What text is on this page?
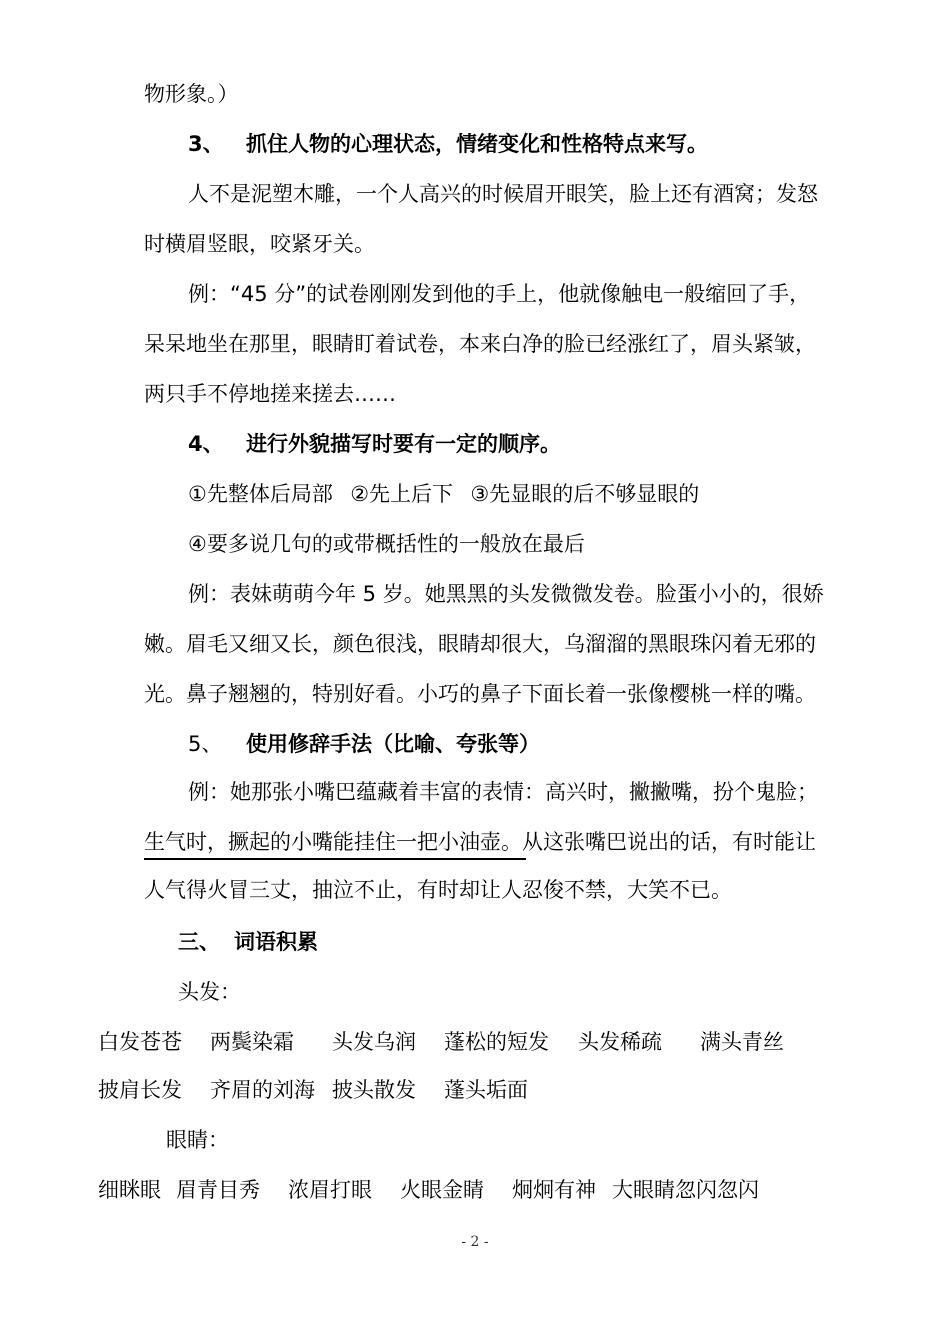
物形象。）
3、 抓住人物的心理状态，情绪变化和性格特点来写。
人不是泥塑木雕，一个人高兴的时候眉开眼笑，脸上还有酒窝；发怒
时横眉竖眼，咬紧牙关。
例：“45 分”的试卷刚刚发到他的手上，他就像触电一般缩回了手，
呆呆地坐在那里，眼睛盯着试卷，本来白净的脸已经涨红了，眉头紧皱，
两只手不停地搓来搓去……
4、 进行外貌描写时要有一定的顺序。
①先整体后局部 ②先上后下 ③先显眼的后不够显眼的
④要多说几句的或带概括性的一般放在最后
例：表妹萌萌今年 5 岁。她黑黑的头发微微发卷。脸蛋小小的，很娇
嫩。眉毛又细又长，颜色很浅，眼睛却很大，乌溜溜的黑眼珠闪着无邪的
光。鼻子翘翘的，特别好看。小巧的鼻子下面长着一张像樱桃一样的嘴。
5、 使用修辞手法（比喻、夸张等）
例：她那张小嘴巴蕴藏着丰富的表情：高兴时，撇撇嘴，扮个鬼脸；
生气时，撅起的小嘴能挂住一把小油壶。从这张嘴巴说出的话，有时能让
人气得火冒三丈，抽泣不止，有时却让人忍俊不禁，大笑不已。
三、 词语积累
头发：
白发苍苍 两鬓染霜 头发乌润 蓬松的短发 头发稀疏 满头青丝
披肩长发 齐眉的刘海 披头散发 蓬头垢面
眼睛：
细眯眼 眉青目秀 浓眉打眼 火眼金睛 炯炯有神 大眼睛忽闪忽闪
- 2 -
